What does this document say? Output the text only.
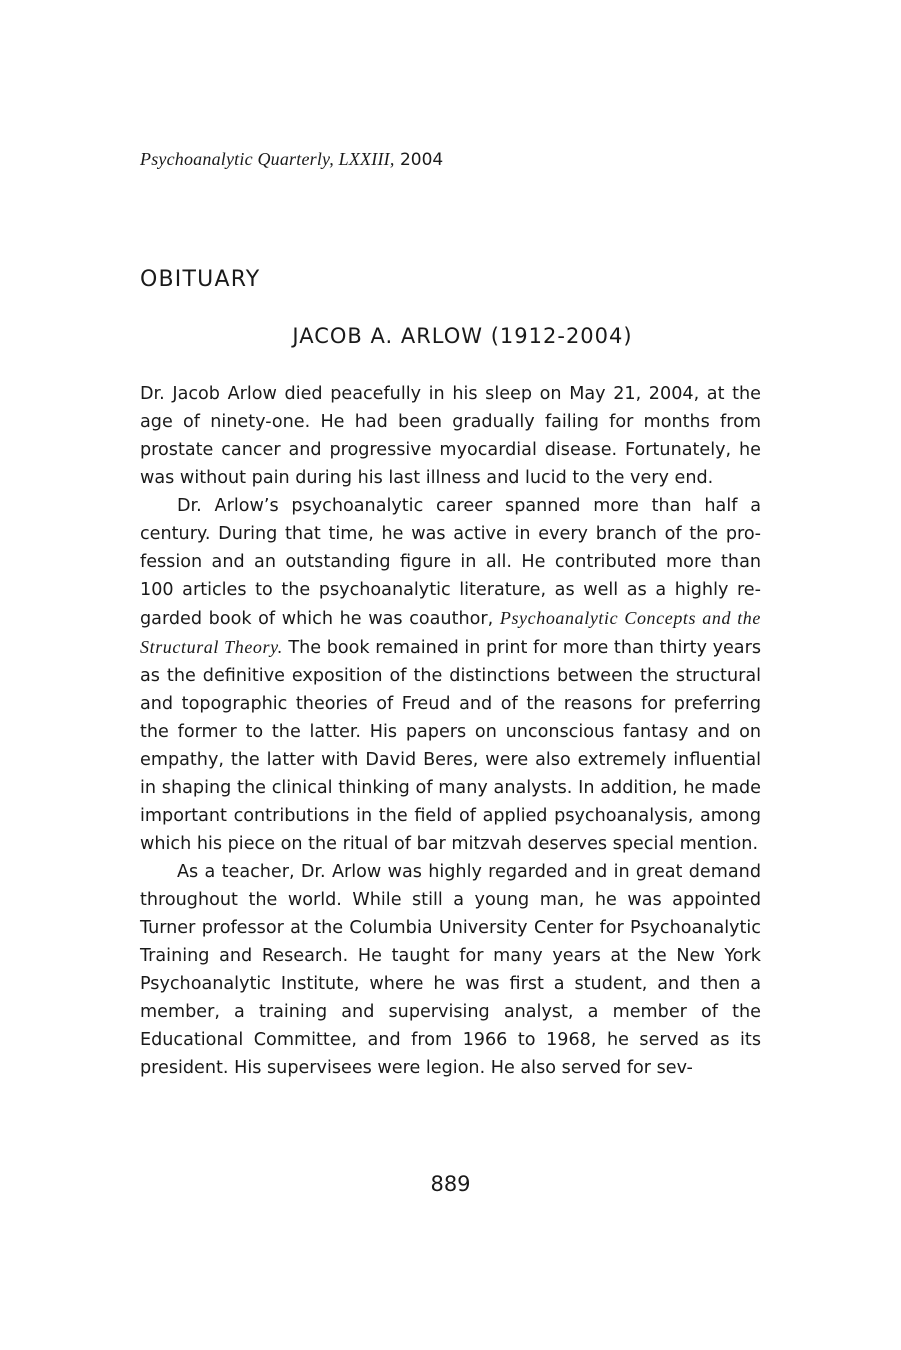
Psychoanalytic Quarterly, LXXIII, 2004
OBITUARY
JACOB A. ARLOW (1912-2004)

Dr. Jacob Arlow died peacefully in his sleep on May 21, 2004, at the age of ninety-one. He had been gradually failing for months from prostate cancer and progressive myocardial disease. Fortunately, he was without pain during his last illness and lucid to the very end.

Dr. Arlow’s psychoanalytic career spanned more than half a century. During that time, he was active in every branch of the profession and an outstanding figure in all. He contributed more than 100 articles to the psychoanalytic literature, as well as a highly regarded book of which he was coauthor, Psychoanalytic Concepts and the Structural Theory. The book remained in print for more than thirty years as the definitive exposition of the distinctions between the structural and topographic theories of Freud and of the reasons for preferring the former to the latter. His papers on unconscious fantasy and on empathy, the latter with David Beres, were also extremely influential in shaping the clinical thinking of many analysts. In addition, he made important contributions in the field of applied psychoanalysis, among which his piece on the ritual of bar mitzvah deserves special mention.

As a teacher, Dr. Arlow was highly regarded and in great demand throughout the world. While still a young man, he was appointed Turner professor at the Columbia University Center for Psychoanalytic Training and Research. He taught for many years at the New York Psychoanalytic Institute, where he was first a student, and then a member, a training and supervising analyst, a member of the Educational Committee, and from 1966 to 1968, he served as its president. His supervisees were legion. He also served for sev-

889
